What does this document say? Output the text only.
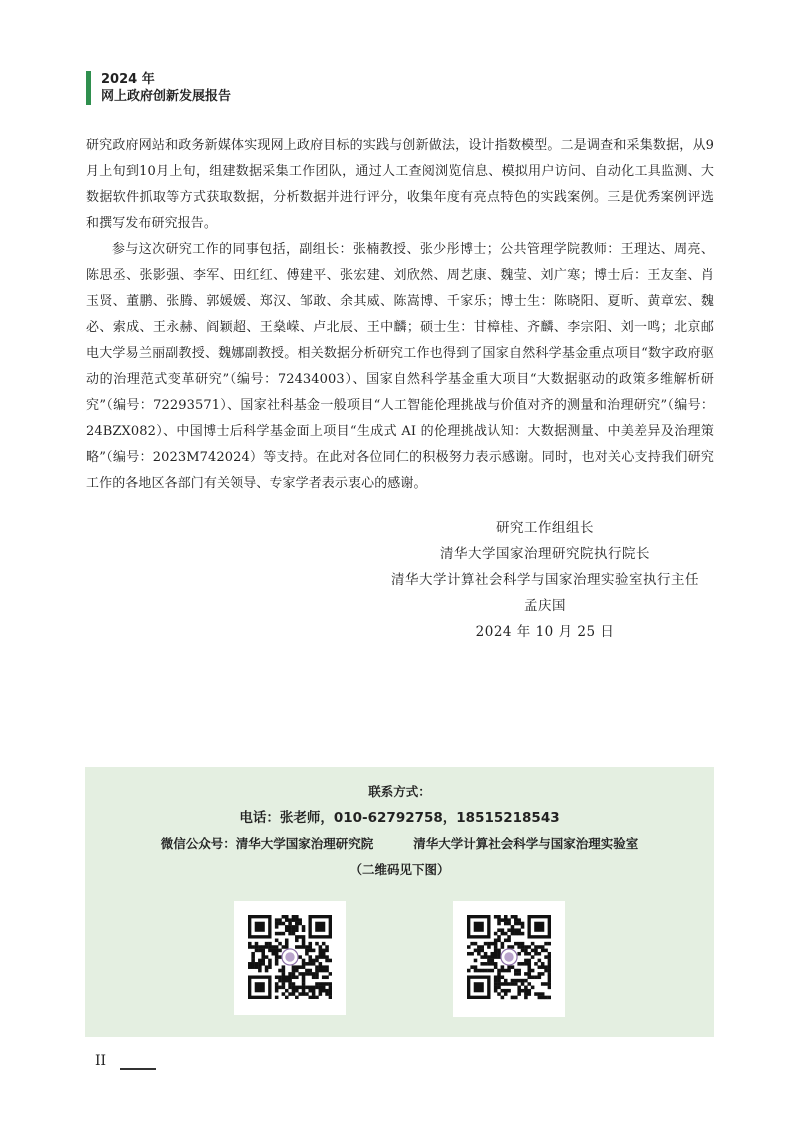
2024 年
网上政府创新发展报告

研究政府网站和政务新媒体实现网上政府目标的实践与创新做法，设计指数模型。二是调查和采集数据，从9月上旬到10月上旬，组建数据采集工作团队，通过人工查阅浏览信息、模拟用户访问、自动化工具监测、大数据软件抓取等方式获取数据，分析数据并进行评分，收集年度有亮点特色的实践案例。三是优秀案例评选和撰写发布研究报告。

参与这次研究工作的同事包括，副组长：张楠教授、张少彤博士；公共管理学院教师：王理达、周亮、陈思丞、张影强、李军、田红红、傅建平、张宏建、刘欣然、周艺康、魏莹、刘广寒；博士后：王友奎、肖玉贤、董鹏、张腾、郭媛媛、郑汉、邹敢、余其威、陈嵩博、千家乐；博士生：陈晓阳、夏昕、黄章宏、魏必、索成、王永赫、阎颖超、王燊嵘、卢北辰、王中麟；硕士生：甘樟桂、齐麟、李宗阳、刘一鸣；北京邮电大学易兰丽副教授、魏娜副教授。相关数据分析研究工作也得到了国家自然科学基金重点项目“数字政府驱动的治理范式变革研究”（编号：72434003）、国家自然科学基金重大项目“大数据驱动的政策多维解析研究”（编号：72293571）、国家社科基金一般项目“人工智能伦理挑战与价值对齐的测量和治理研究”（编号：24BZX082）、中国博士后科学基金面上项目“生成式 AI 的伦理挑战认知：大数据测量、中美差异及治理策略”（编号：2023M742024）等支持。在此对各位同仁的积极努力表示感谢。同时，也对关心支持我们研究工作的各地区各部门有关领导、专家学者表示衷心的感谢。

研究工作组组长
清华大学国家治理研究院执行院长
清华大学计算社会科学与国家治理实验室执行主任
孟庆国
2024 年 10 月 25 日
联系方式：
电话：张老师，010-62792758，18515218543
微信公众号：清华大学国家治理研究院	清华大学计算社会科学与国家治理实验室
（二维码见下图）
II
